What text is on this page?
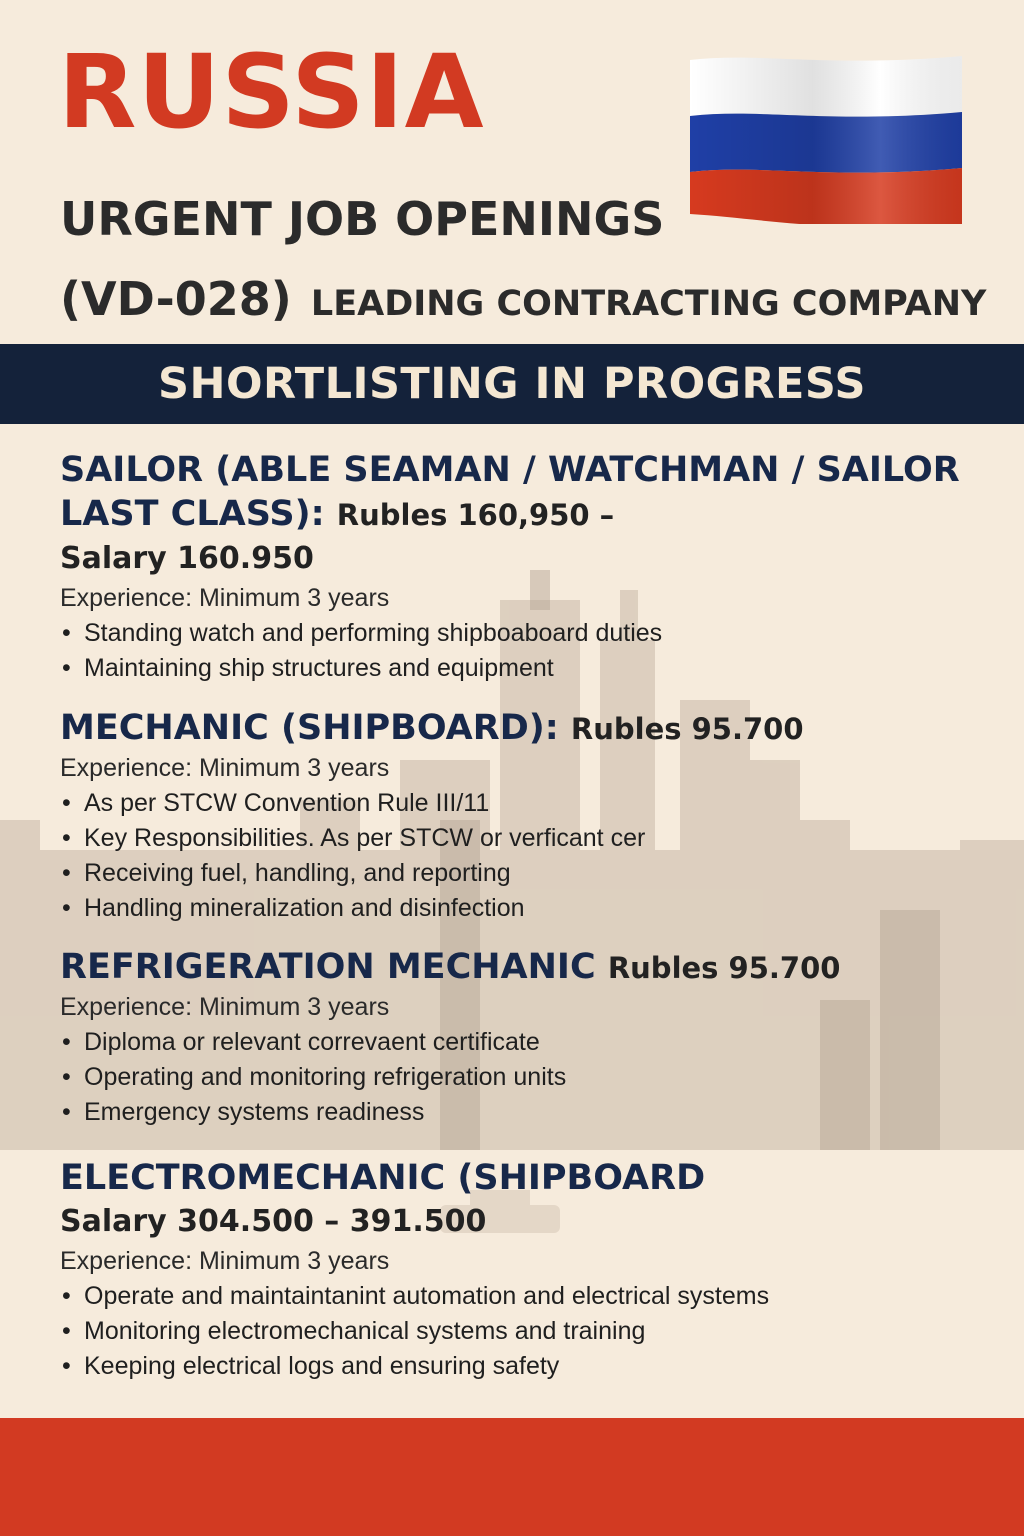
RUSSIA
URGENT JOB OPENINGS
(VD-028) LEADING CONTRACTING COMPANY
SHORTLISTING IN PROGRESS

SAILOR (ABLE SEAMAN / WATCHMAN / SAILOR
LAST CLASS): Rubles 160,950 –

Salary 160.950

Experience: Minimum 3 years

• Standing watch and performing shipboaboard duties
• Maintaining ship structures and equipment

MECHANIC (SHIPBOARD): Rubles 95.700

Experience: Minimum 3 years

• As per STCW Convention Rule III/11
• Key Responsibilities. As per STCW or verficant cer
• Receiving fuel, handling, and reporting
• Handling mineralization and disinfection

REFRIGERATION MECHANIC Rubles 95.700

Experience: Minimum 3 years

• Diploma or relevant correvaent certificate
• Operating and monitoring refrigeration units
• Emergency systems readiness

ELECTROMECHANIC (SHIPBOARD

Salary 304.500 – 391.500

Experience: Minimum 3 years

• Operate and maintaintanint automation and electrical systems
• Monitoring electromechanical systems and training
• Keeping electrical logs and ensuring safety
